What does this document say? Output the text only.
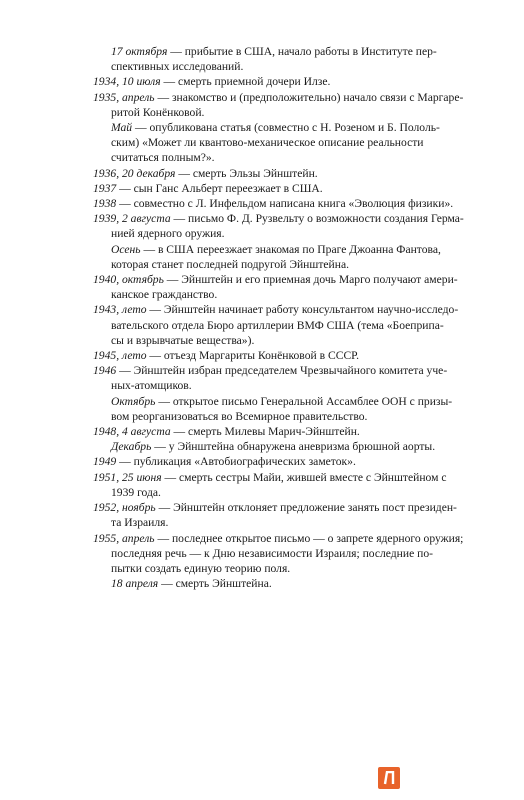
17 октября — прибытие в США, начало работы в Институте пер-
спективных исследований.
1934, 10 июля — смерть приемной дочери Илзе.
1935, апрель — знакомство и (предположительно) начало связи с Маргаре-
ритой Конёнковой.
Май — опубликована статья (совместно с Н. Розеном и Б. Пололь-
ским) «Может ли квантово-механическое описание реальности
считаться полным?».
1936, 20 декабря — смерть Эльзы Эйнштейн.
1937 — сын Ганс Альберт переезжает в США.
1938 — совместно с Л. Инфельдом написана книга «Эволюция физики».
1939, 2 августа — письмо Ф. Д. Рузвельту о возможности создания Герма-
нией ядерного оружия.
Осень — в США переезжает знакомая по Праге Джоанна Фантова,
которая станет последней подругой Эйнштейна.
1940, октябрь — Эйнштейн и его приемная дочь Марго получают амери-
канское гражданство.
1943, лето — Эйнштейн начинает работу консультантом научно-исследо-
вательского отдела Бюро артиллерии ВМФ США (тема «Боеприпа-
сы и взрывчатые вещества»).
1945, лето — отъезд Маргариты Конёнковой в СССР.
1946 — Эйнштейн избран председателем Чрезвычайного комитета уче-
ных-атомщиков.
Октябрь — открытое письмо Генеральной Ассамблее ООН с призы-
вом реорганизоваться во Всемирное правительство.
1948, 4 августа — смерть Милевы Марич-Эйнштейн.
Декабрь — у Эйнштейна обнаружена аневризма брюшной аорты.
1949 — публикация «Автобиографических заметок».
1951, 25 июня — смерть сестры Майи, жившей вместе с Эйнштейном с
1939 года.
1952, ноябрь — Эйнштейн отклоняет предложение занять пост президен-
та Израиля.
1955, апрель — последнее открытое письмо — о запрете ядерного оружия;
последняя речь — к Дню независимости Израиля; последние по-
пытки создать единую теорию поля.
18 апреля — смерть Эйнштейна.
